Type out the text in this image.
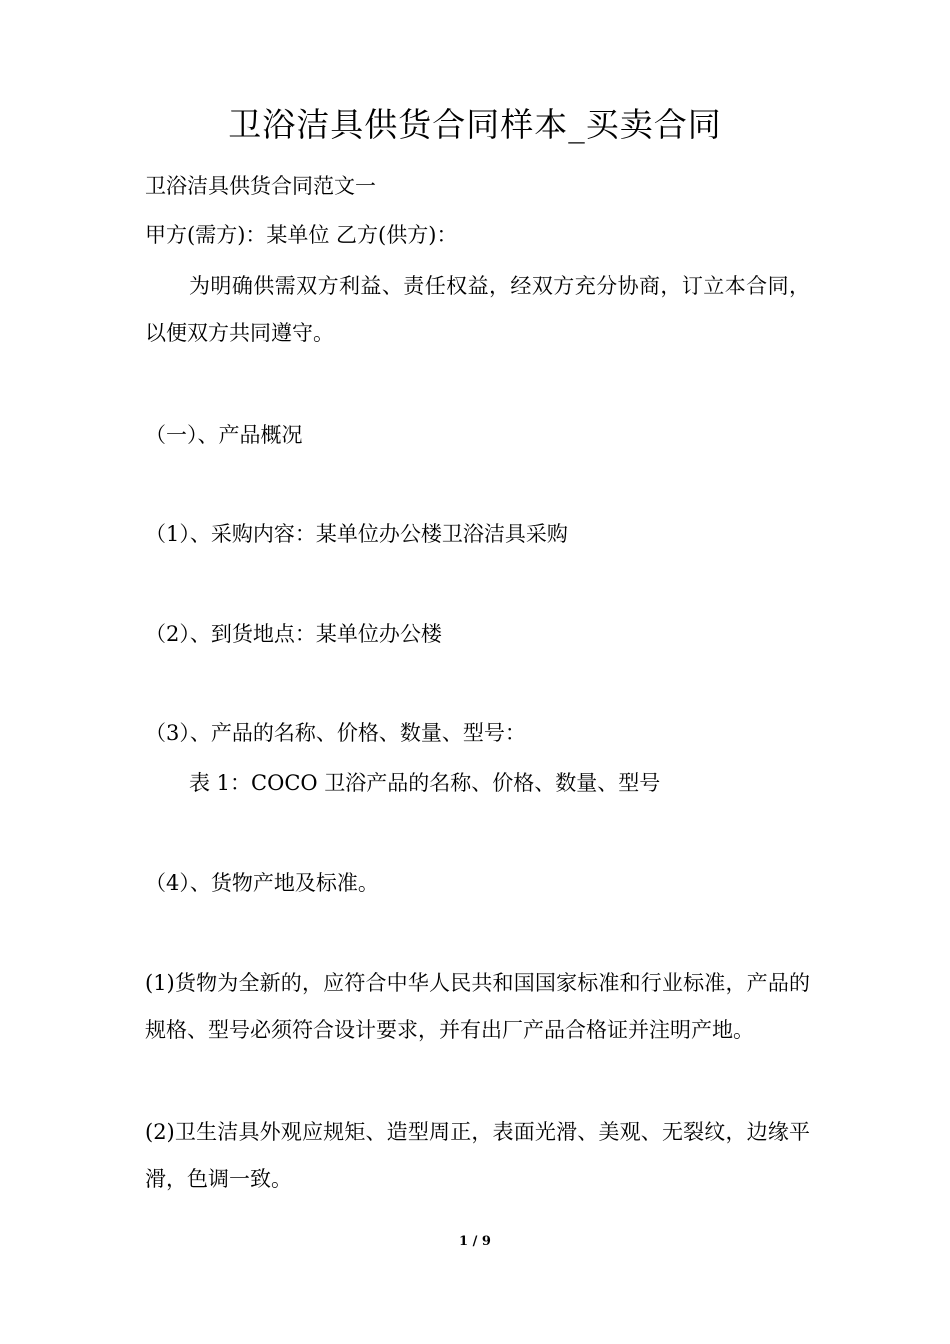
卫浴洁具供货合同样本_买卖合同
卫浴洁具供货合同范文一
甲方(需方)：某单位 乙方(供方)：
为明确供需双方利益、责任权益，经双方充分协商，订立本合同，以便双方共同遵守。
（一）、产品概况
（1）、采购内容：某单位办公楼卫浴洁具采购
（2）、到货地点：某单位办公楼
（3）、产品的名称、价格、数量、型号：
表 1：COCO 卫浴产品的名称、价格、数量、型号
（4）、货物产地及标准。
(1)货物为全新的，应符合中华人民共和国国家标准和行业标准，产品的规格、型号必须符合设计要求，并有出厂产品合格证并注明产地。
(2)卫生洁具外观应规矩、造型周正，表面光滑、美观、无裂纹，边缘平滑，色调一致。
1 / 9
